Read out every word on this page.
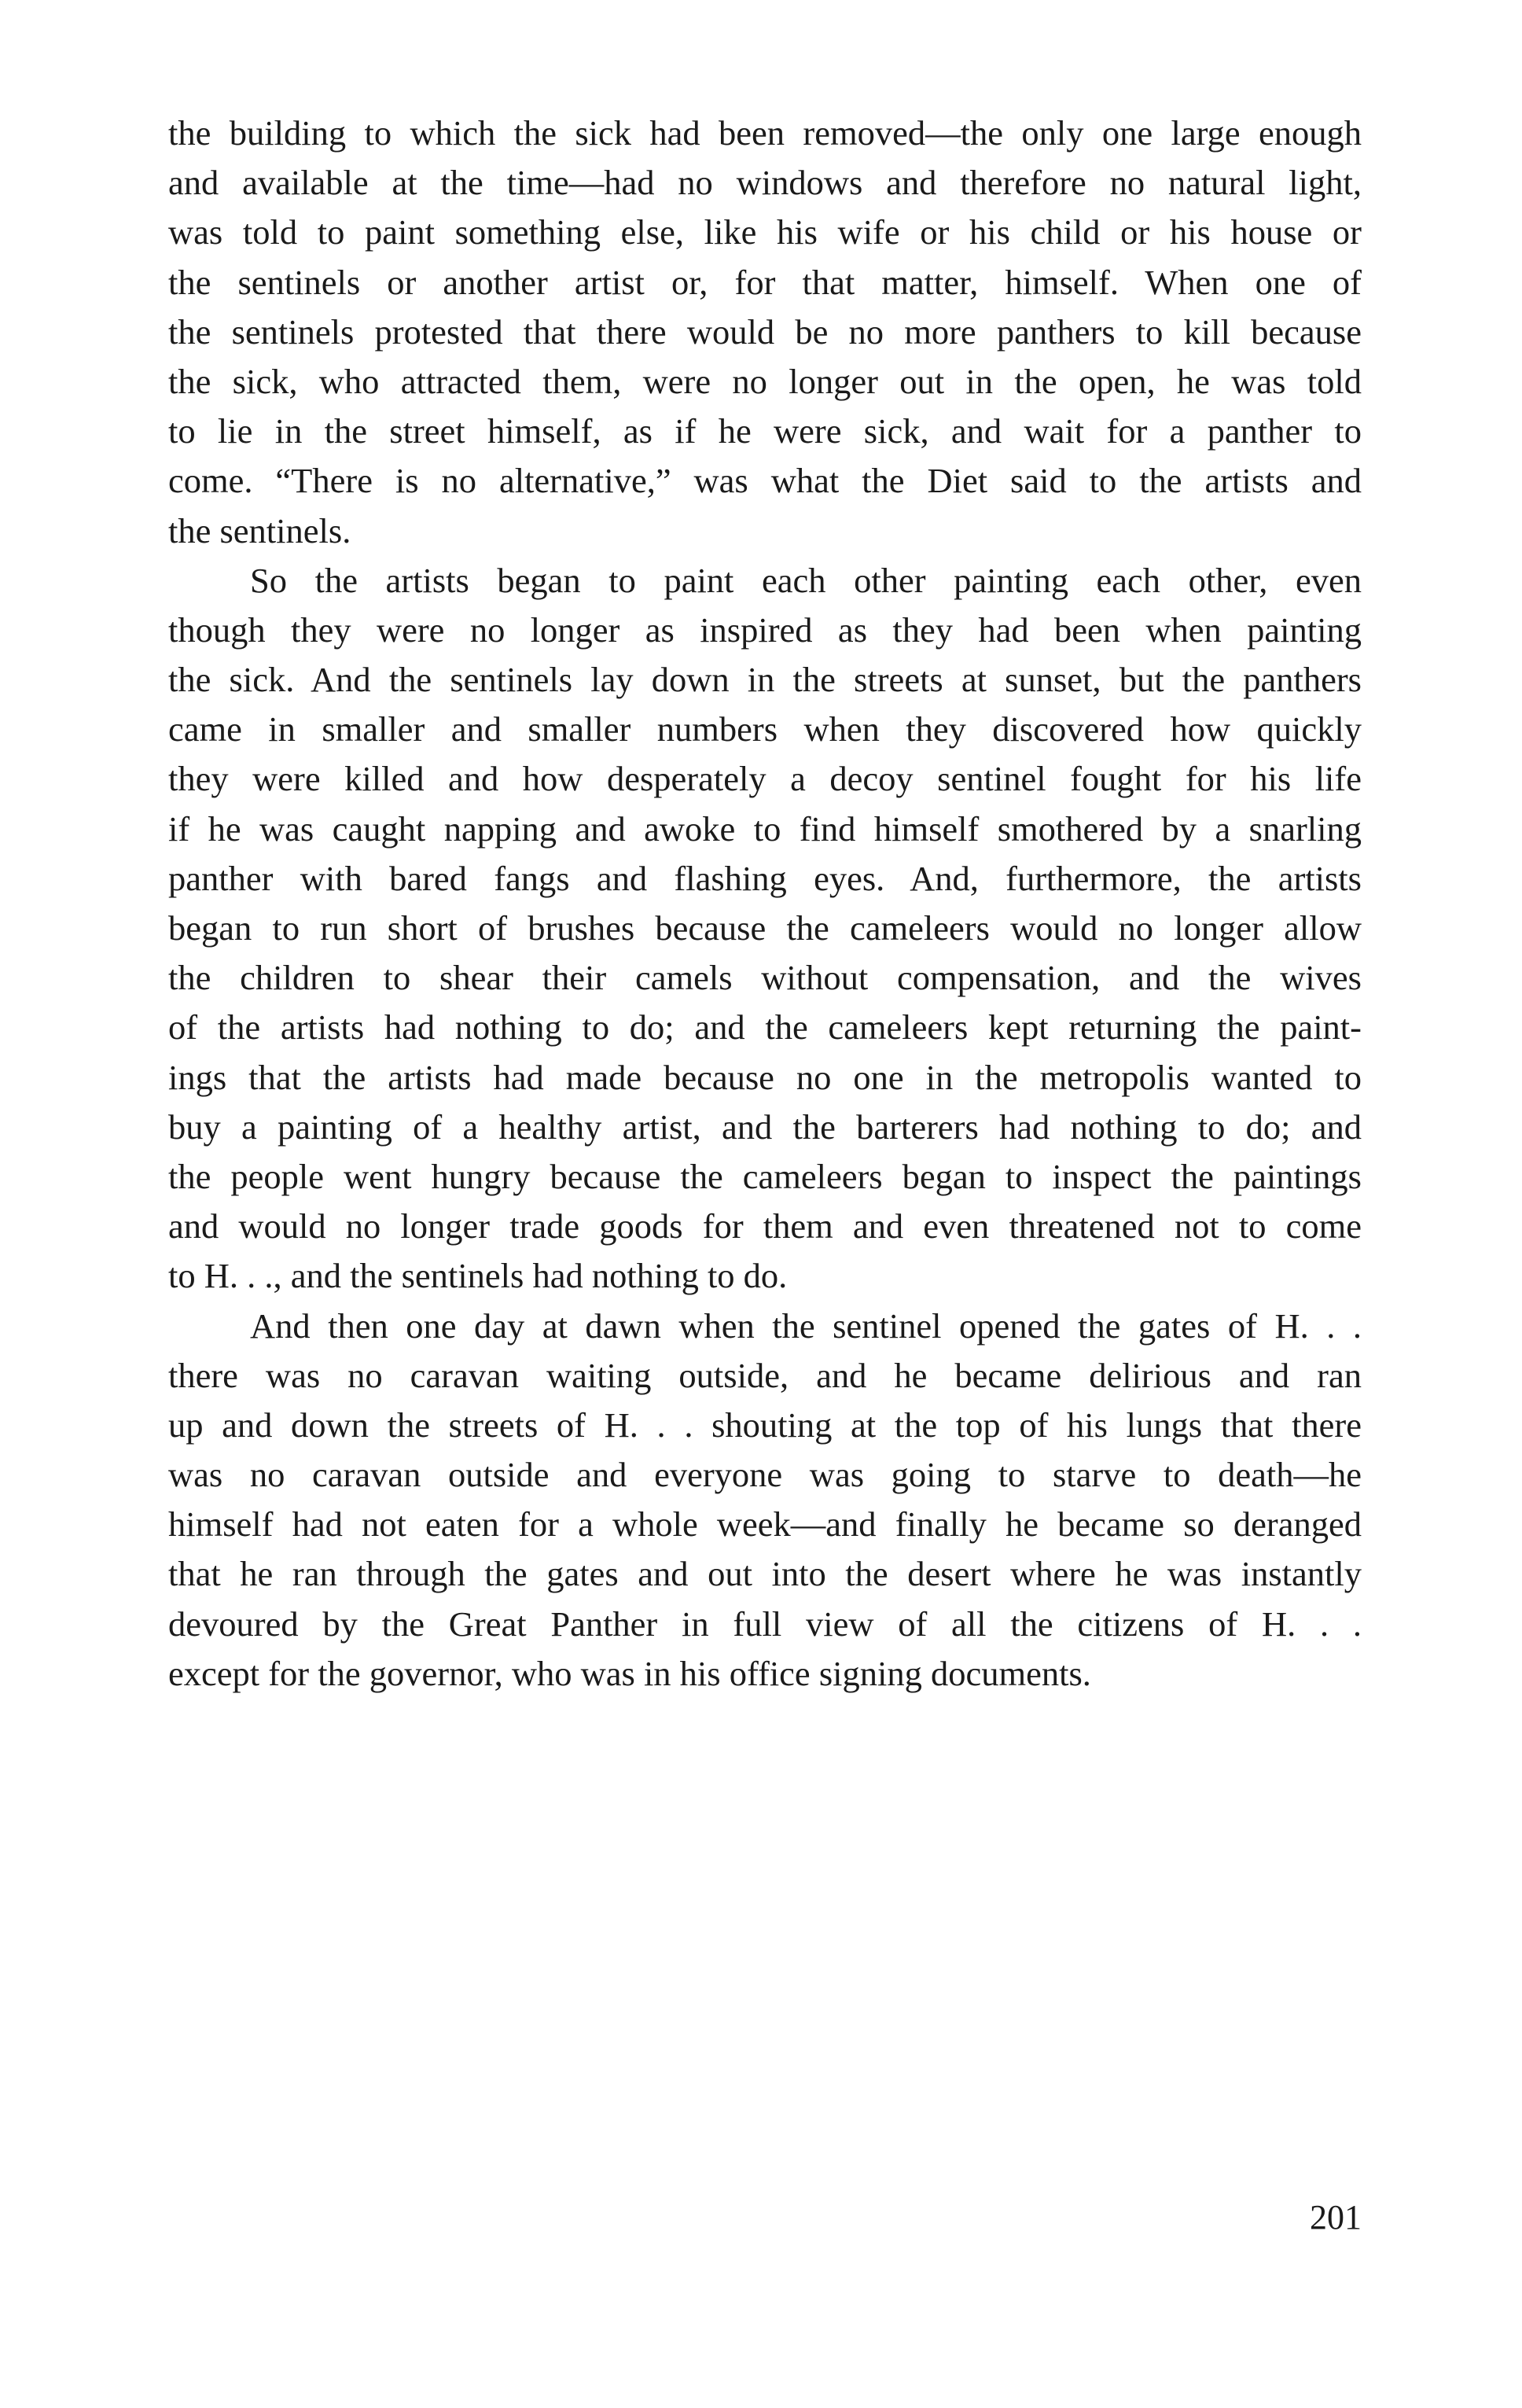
the building to which the sick had been removed—the only one large enough
and available at the time—had no windows and therefore no natural light,
was told to paint something else, like his wife or his child or his house or
the sentinels or another artist or, for that matter, himself. When one of
the sentinels protested that there would be no more panthers to kill because
the sick, who attracted them, were no longer out in the open, he was told
to lie in the street himself, as if he were sick, and wait for a panther to
come. “There is no alternative,” was what the Diet said to the artists and
the sentinels.
So the artists began to paint each other painting each other, even
though they were no longer as inspired as they had been when painting
the sick. And the sentinels lay down in the streets at sunset, but the panthers
came in smaller and smaller numbers when they discovered how quickly
they were killed and how desperately a decoy sentinel fought for his life
if he was caught napping and awoke to find himself smothered by a snarling
panther with bared fangs and flashing eyes. And, furthermore, the artists
began to run short of brushes because the cameleers would no longer allow
the children to shear their camels without compensation, and the wives
of the artists had nothing to do; and the cameleers kept returning the paint-
ings that the artists had made because no one in the metropolis wanted to
buy a painting of a healthy artist, and the barterers had nothing to do; and
the people went hungry because the cameleers began to inspect the paintings
and would no longer trade goods for them and even threatened not to come
to H. . ., and the sentinels had nothing to do.
And then one day at dawn when the sentinel opened the gates of H. . .
there was no caravan waiting outside, and he became delirious and ran
up and down the streets of H. . . shouting at the top of his lungs that there
was no caravan outside and everyone was going to starve to death—he
himself had not eaten for a whole week—and finally he became so deranged
that he ran through the gates and out into the desert where he was instantly
devoured by the Great Panther in full view of all the citizens of H. . .
except for the governor, who was in his office signing documents.
201
